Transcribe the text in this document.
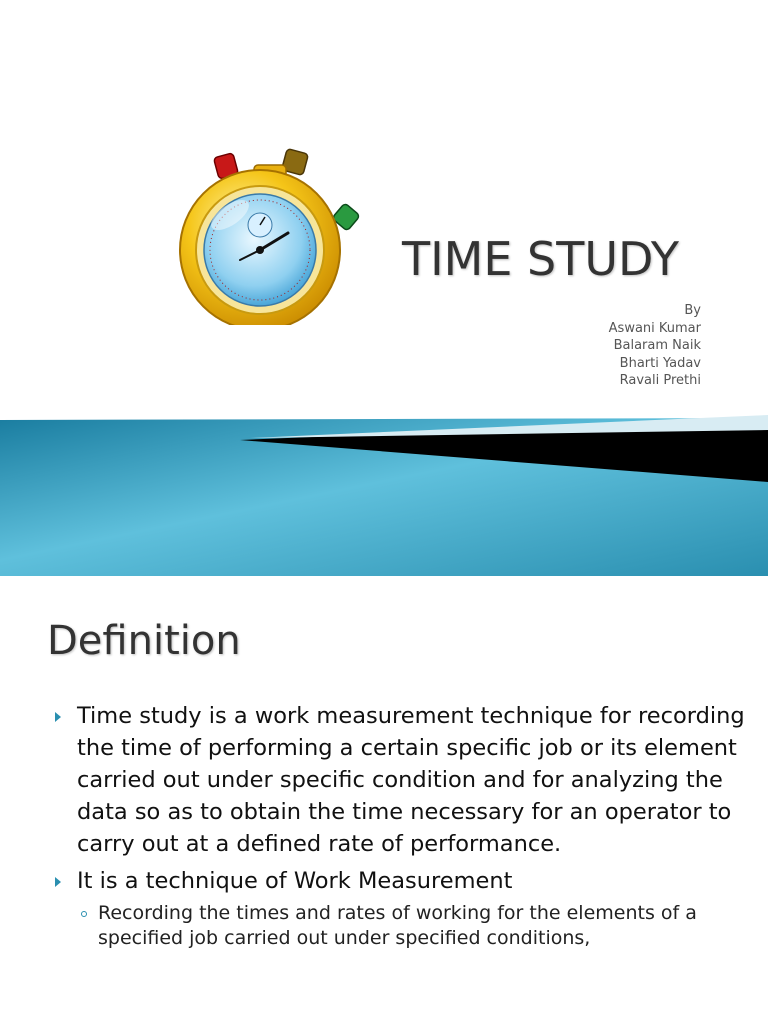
TIME STUDY
By
Aswani Kumar
Balaram Naik
Bharti Yadav
Ravali Prethi
Definition
Time study is a work measurement technique for recording the time of performing a certain specific job or its element carried out under specific condition and for analyzing the data so as to obtain the time necessary for an operator to carry out at a defined rate of performance.
It is a technique of Work Measurement
Recording the times and rates of working for the elements of a specified job carried out under specified conditions,
